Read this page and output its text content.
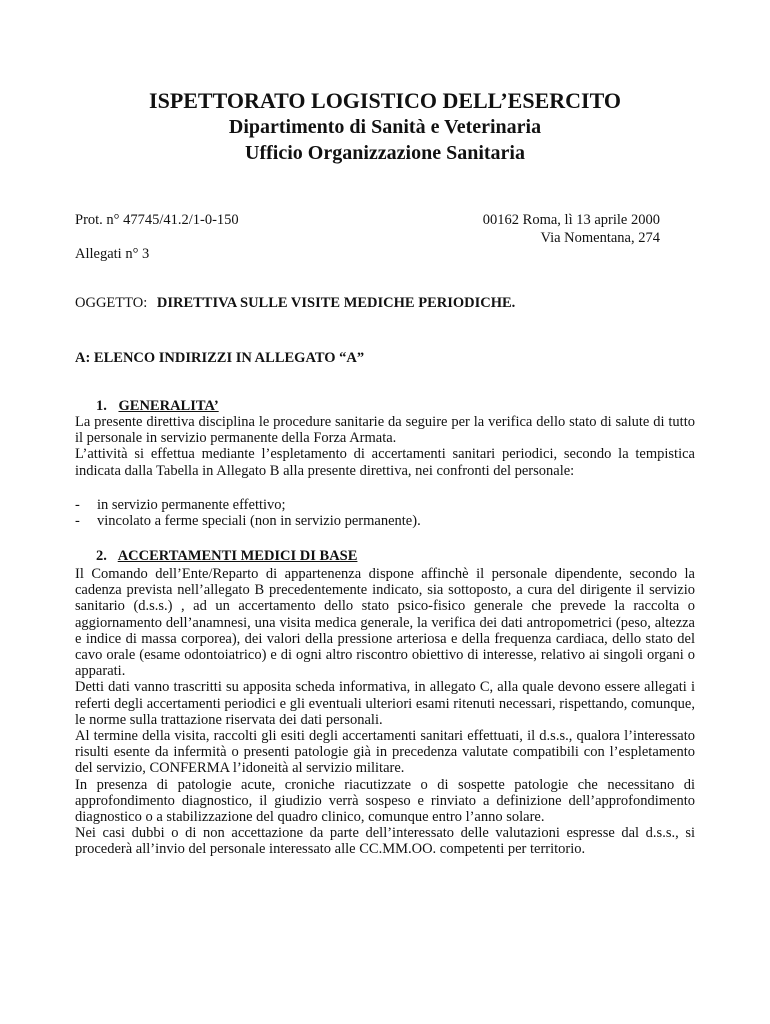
ISPETTORATO LOGISTICO DELL’ESERCITO
Dipartimento di Sanità e Veterinaria
Ufficio Organizzazione Sanitaria
Prot. n° 47745/41.2/1-0-150	00162 Roma, lì 13 aprile 2000
Via Nomentana, 274
Allegati n° 3
OGGETTO: DIRETTIVA SULLE VISITE MEDICHE PERIODICHE.
A: ELENCO INDIRIZZI IN ALLEGATO “A”
1. GENERALITA’

La presente direttiva disciplina le procedure sanitarie da seguire per la verifica dello stato di salute di tutto il personale in servizio permanente della Forza Armata.

L’attività si effettua mediante l’espletamento di accertamenti sanitari periodici, secondo la tempistica indicata dalla Tabella in Allegato B alla presente direttiva, nei confronti del personale:

- in servizio permanente effettivo;
- vincolato a ferme speciali (non in servizio permanente).
2. ACCERTAMENTI MEDICI DI BASE

Il Comando dell’Ente/Reparto di appartenenza dispone affinchè il personale dipendente, secondo la cadenza prevista nell’allegato B precedentemente indicato, sia sottoposto, a cura del dirigente il servizio sanitario (d.s.s.) , ad un accertamento dello stato psico-fisico generale che prevede la raccolta o aggiornamento dell’anamnesi, una visita medica generale, la verifica dei dati antropometrici (peso, altezza e indice di massa corporea), dei valori della pressione arteriosa e della frequenza cardiaca, dello stato del cavo orale (esame odontoiatrico) e di ogni altro riscontro obiettivo di interesse, relativo ai singoli organi o apparati.

Detti dati vanno trascritti su apposita scheda informativa, in allegato C, alla quale devono essere allegati i referti degli accertamenti periodici e gli eventuali ulteriori esami ritenuti necessari, rispettando, comunque, le norme sulla trattazione riservata dei dati personali.

Al termine della visita, raccolti gli esiti degli accertamenti sanitari effettuati, il d.s.s., qualora l’interessato risulti esente da infermità o presenti patologie già in precedenza valutate compatibili con l’espletamento del servizio, CONFERMA l’idoneità al servizio militare.

In presenza di patologie acute, croniche riacutizzate o di sospette patologie che necessitano di approfondimento diagnostico, il giudizio verrà sospeso e rinviato a definizione dell’approfondimento diagnostico o a stabilizzazione del quadro clinico, comunque entro l’anno solare.

Nei casi dubbi o di non accettazione da parte dell’interessato delle valutazioni espresse dal d.s.s., si procederà all’invio del personale interessato alle CC.MM.OO. competenti per territorio.
